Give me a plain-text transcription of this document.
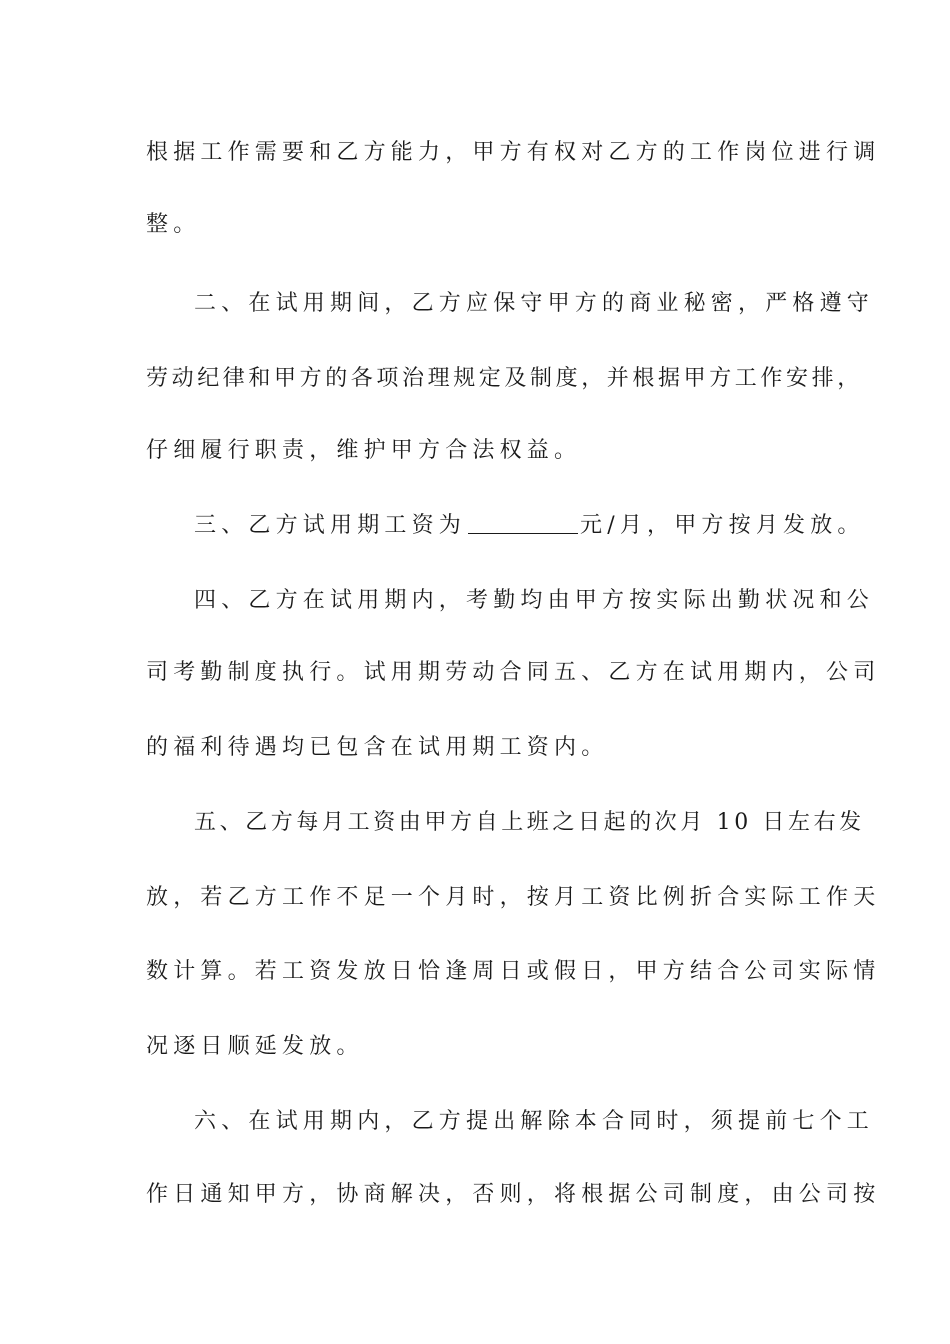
根据工作需要和乙方能力，甲方有权对乙方的工作岗位进行调
整。
二、在试用期间，乙方应保守甲方的商业秘密，严格遵守
劳动纪律和甲方的各项治理规定及制度，并根据甲方工作安排，
仔细履行职责，维护甲方合法权益。
三、乙方试用期工资为	元/月，甲方按月发放。
四、乙方在试用期内，考勤均由甲方按实际出勤状况和公
司考勤制度执行。试用期劳动合同五、乙方在试用期内，公司
的福利待遇均已包含在试用期工资内。
五、乙方每月工资由甲方自上班之日起的次月 10 日左右发
放，若乙方工作不足一个月时，按月工资比例折合实际工作天
数计算。若工资发放日恰逢周日或假日，甲方结合公司实际情
况逐日顺延发放。
六、在试用期内，乙方提出解除本合同时，须提前七个工
作日通知甲方，协商解决，否则，将根据公司制度，由公司按
